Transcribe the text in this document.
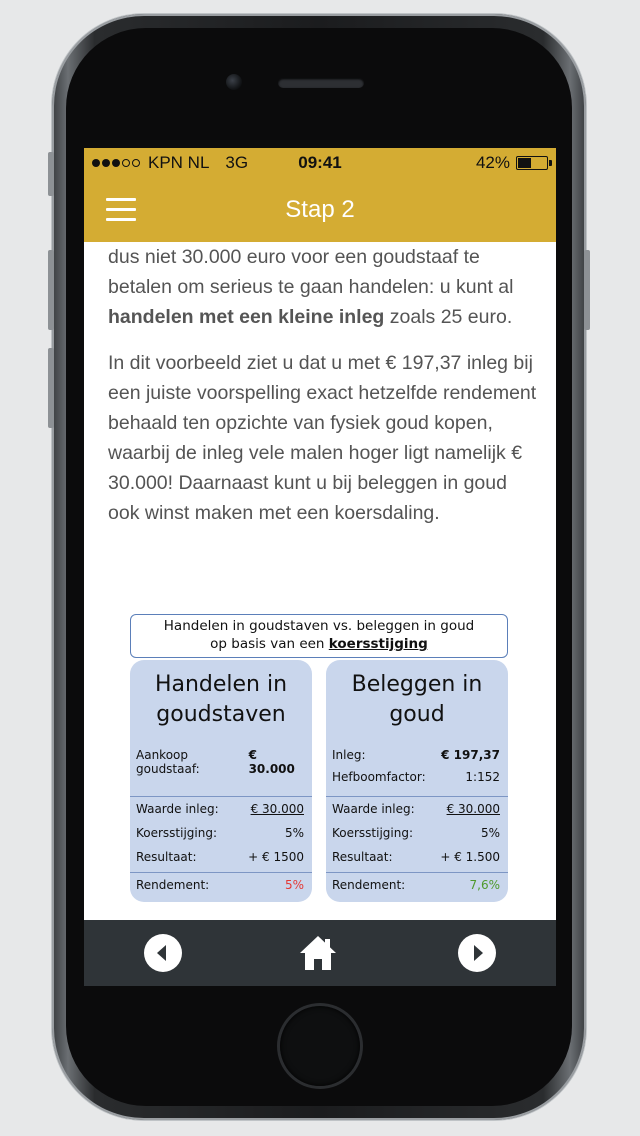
KPN NL 3G	09:41	42%
Stap 2

dus niet 30.000 euro voor een goudstaaf te betalen om serieus te gaan handelen: u kunt al handelen met een kleine inleg zoals 25 euro.

In dit voorbeeld ziet u dat u met € 197,37 inleg bij een juiste voorspelling exact hetzelfde rendement behaald ten opzichte van fysiek goud kopen, waarbij de inleg vele malen hoger ligt namelijk € 30.000! Daarnaast kunt u bij beleggen in goud ook winst maken met een koersdaling.

Handelen in goudstaven vs. beleggen in goud
op basis van een koersstijging
Handelen in
goudstaven
Aankoop goudstaaf:
€ 30.000
Waarde inleg:	€ 30.000
Koersstijging:	5%
Resultaat:	+ € 1500
Rendement:	5%
Beleggen in
goud
Inleg:	€ 197,37
Hefboomfactor:	1:152
Waarde inleg:	€ 30.000
Koersstijging:	5%
Resultaat:	+ € 1.500
Rendement:	7,6%
